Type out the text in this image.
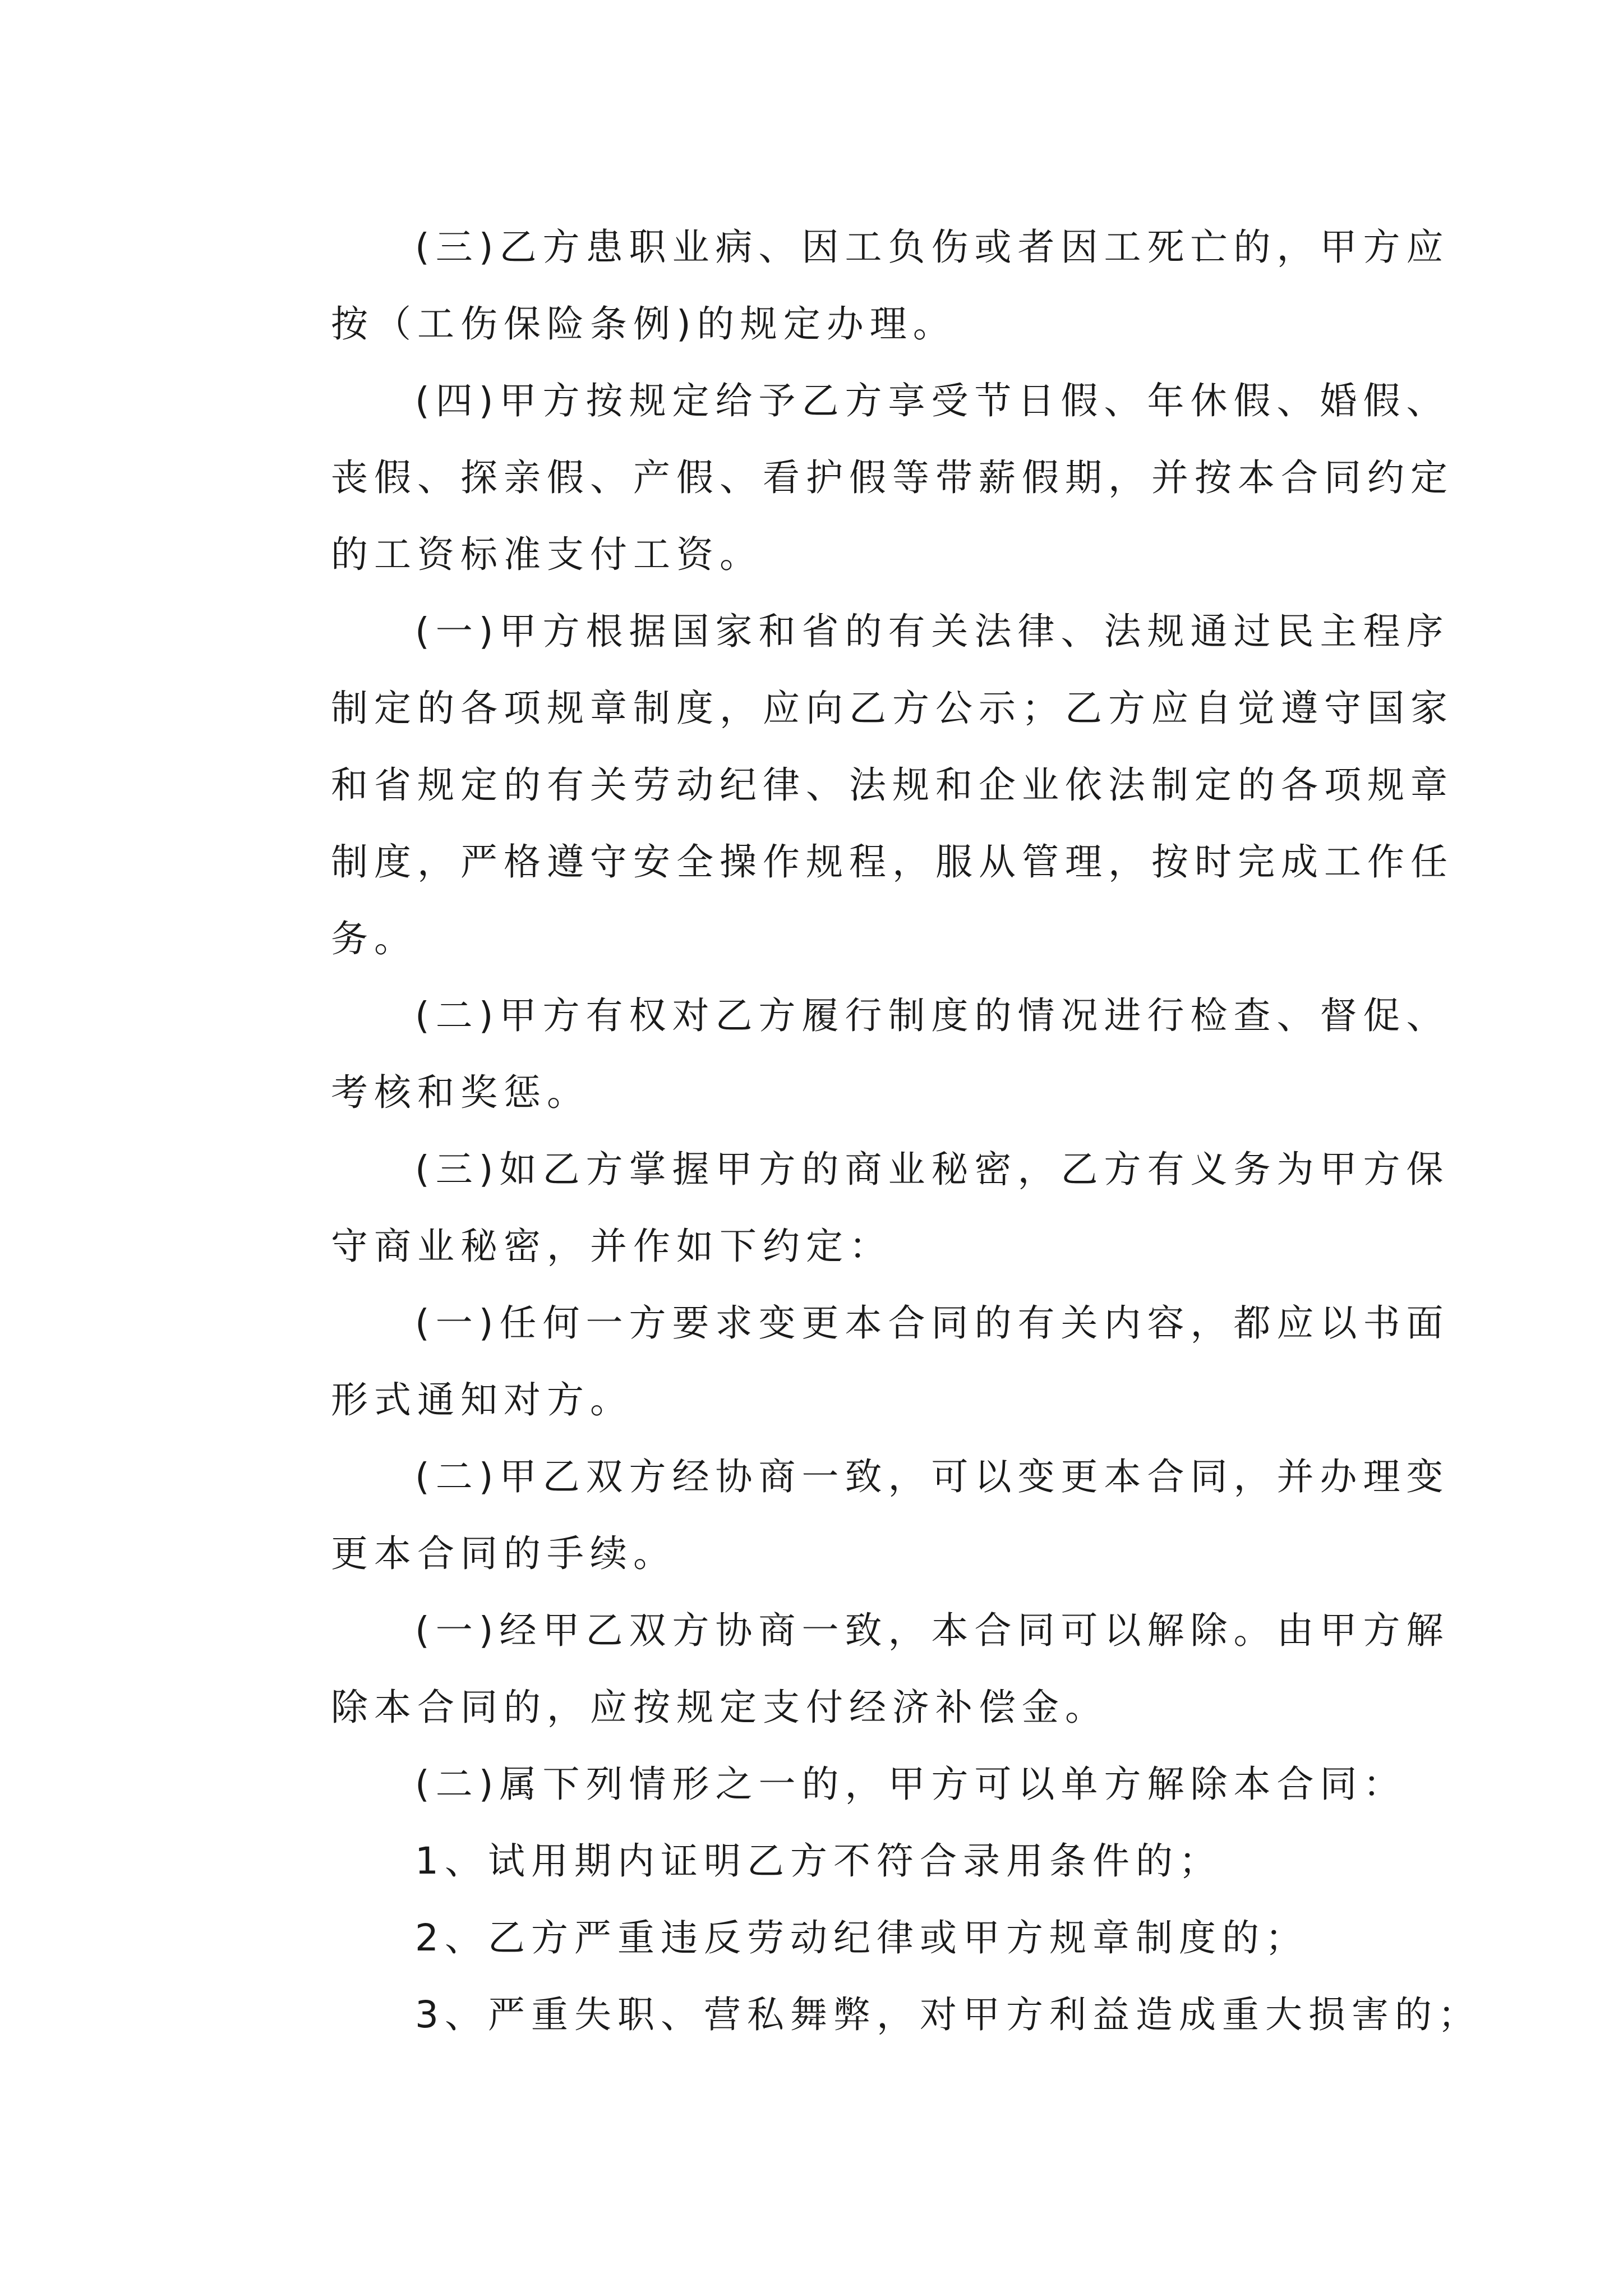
(三)乙方患职业病、因工负伤或者因工死亡的，甲方应
按（工伤保险条例)的规定办理。
(四)甲方按规定给予乙方享受节日假、年休假、婚假、
丧假、探亲假、产假、看护假等带薪假期，并按本合同约定
的工资标准支付工资。
(一)甲方根据国家和省的有关法律、法规通过民主程序
制定的各项规章制度，应向乙方公示；乙方应自觉遵守国家
和省规定的有关劳动纪律、法规和企业依法制定的各项规章
制度，严格遵守安全操作规程，服从管理，按时完成工作任
务。
(二)甲方有权对乙方履行制度的情况进行检查、督促、
考核和奖惩。
(三)如乙方掌握甲方的商业秘密，乙方有义务为甲方保
守商业秘密，并作如下约定：
(一)任何一方要求变更本合同的有关内容，都应以书面
形式通知对方。
(二)甲乙双方经协商一致，可以变更本合同，并办理变
更本合同的手续。
(一)经甲乙双方协商一致，本合同可以解除。由甲方解
除本合同的，应按规定支付经济补偿金。
(二)属下列情形之一的，甲方可以单方解除本合同：
1、试用期内证明乙方不符合录用条件的；
2、乙方严重违反劳动纪律或甲方规章制度的；
3、严重失职、营私舞弊，对甲方利益造成重大损害的；
